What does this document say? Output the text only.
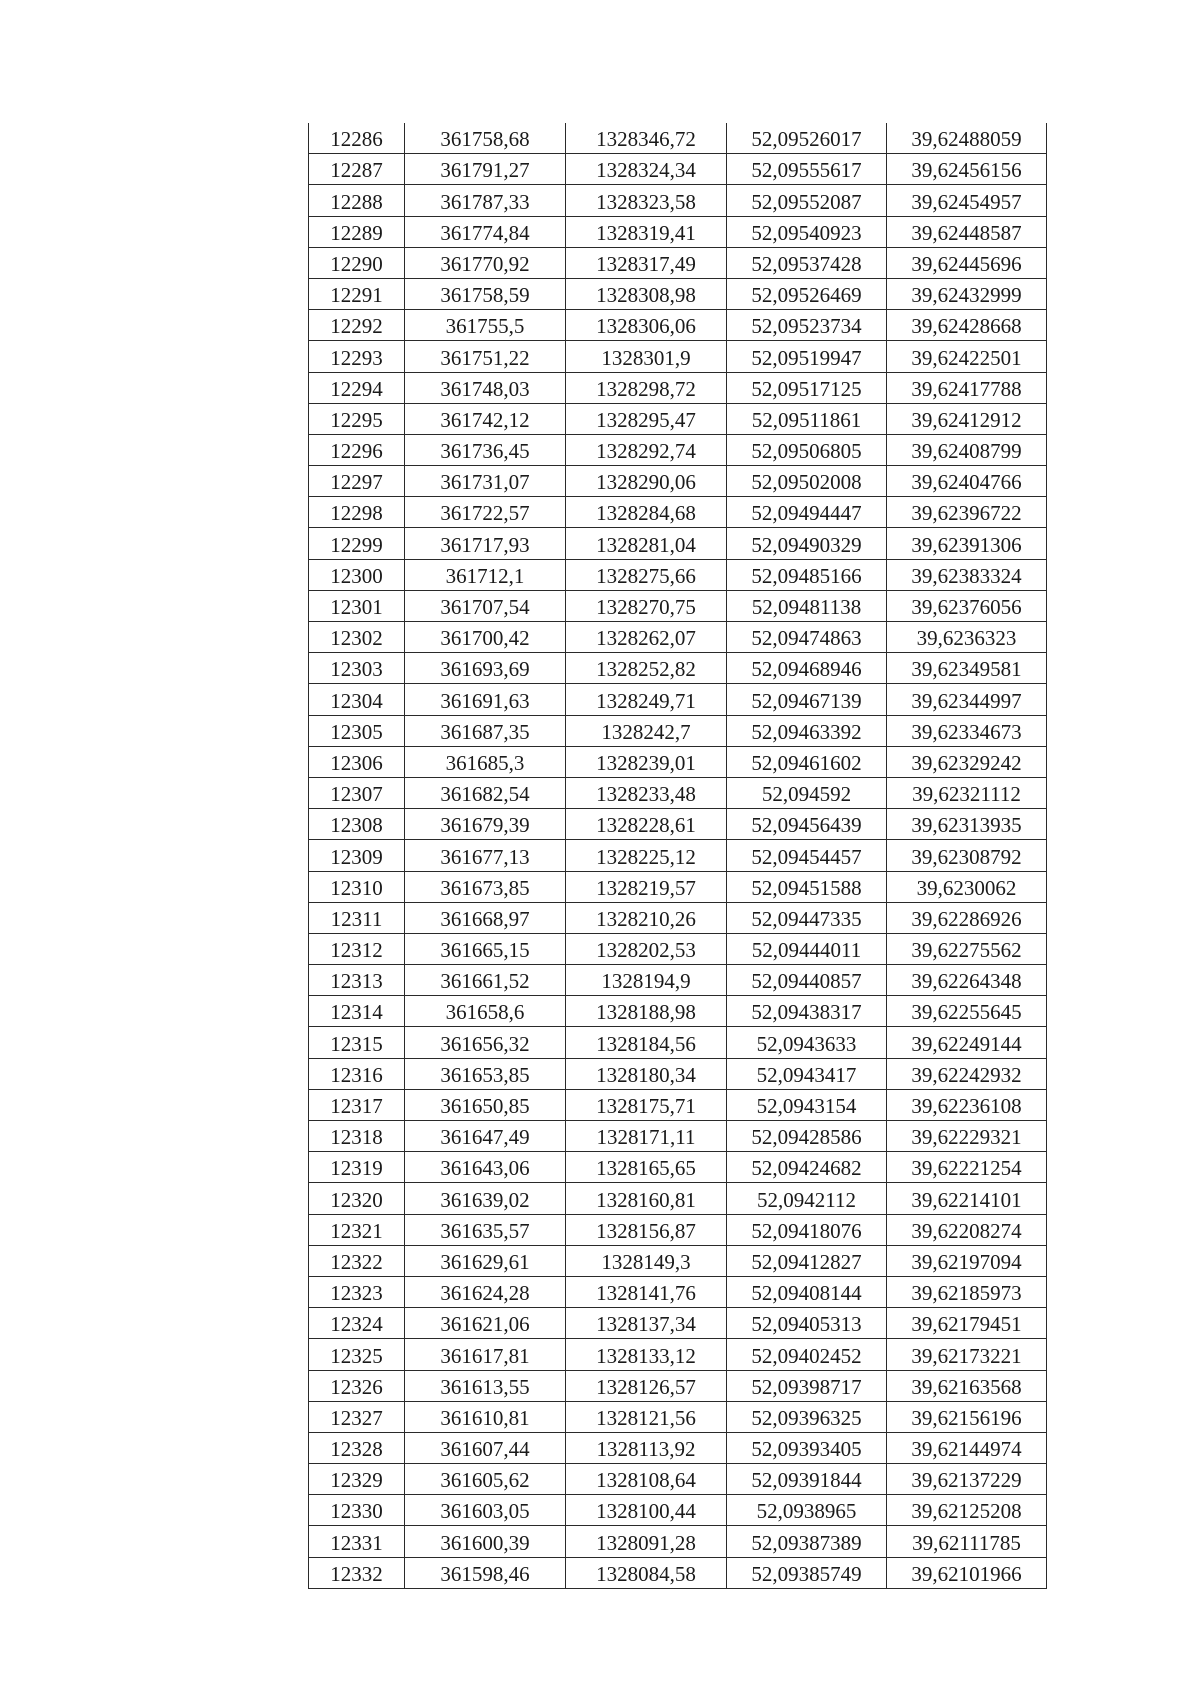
12286	361758,68	1328346,72	52,09526017	39,62488059
12287	361791,27	1328324,34	52,09555617	39,62456156
12288	361787,33	1328323,58	52,09552087	39,62454957
12289	361774,84	1328319,41	52,09540923	39,62448587
12290	361770,92	1328317,49	52,09537428	39,62445696
12291	361758,59	1328308,98	52,09526469	39,62432999
12292	361755,5	1328306,06	52,09523734	39,62428668
12293	361751,22	1328301,9	52,09519947	39,62422501
12294	361748,03	1328298,72	52,09517125	39,62417788
12295	361742,12	1328295,47	52,09511861	39,62412912
12296	361736,45	1328292,74	52,09506805	39,62408799
12297	361731,07	1328290,06	52,09502008	39,62404766
12298	361722,57	1328284,68	52,09494447	39,62396722
12299	361717,93	1328281,04	52,09490329	39,62391306
12300	361712,1	1328275,66	52,09485166	39,62383324
12301	361707,54	1328270,75	52,09481138	39,62376056
12302	361700,42	1328262,07	52,09474863	39,6236323
12303	361693,69	1328252,82	52,09468946	39,62349581
12304	361691,63	1328249,71	52,09467139	39,62344997
12305	361687,35	1328242,7	52,09463392	39,62334673
12306	361685,3	1328239,01	52,09461602	39,62329242
12307	361682,54	1328233,48	52,094592	39,62321112
12308	361679,39	1328228,61	52,09456439	39,62313935
12309	361677,13	1328225,12	52,09454457	39,62308792
12310	361673,85	1328219,57	52,09451588	39,6230062
12311	361668,97	1328210,26	52,09447335	39,62286926
12312	361665,15	1328202,53	52,09444011	39,62275562
12313	361661,52	1328194,9	52,09440857	39,62264348
12314	361658,6	1328188,98	52,09438317	39,62255645
12315	361656,32	1328184,56	52,0943633	39,62249144
12316	361653,85	1328180,34	52,0943417	39,62242932
12317	361650,85	1328175,71	52,0943154	39,62236108
12318	361647,49	1328171,11	52,09428586	39,62229321
12319	361643,06	1328165,65	52,09424682	39,62221254
12320	361639,02	1328160,81	52,0942112	39,62214101
12321	361635,57	1328156,87	52,09418076	39,62208274
12322	361629,61	1328149,3	52,09412827	39,62197094
12323	361624,28	1328141,76	52,09408144	39,62185973
12324	361621,06	1328137,34	52,09405313	39,62179451
12325	361617,81	1328133,12	52,09402452	39,62173221
12326	361613,55	1328126,57	52,09398717	39,62163568
12327	361610,81	1328121,56	52,09396325	39,62156196
12328	361607,44	1328113,92	52,09393405	39,62144974
12329	361605,62	1328108,64	52,09391844	39,62137229
12330	361603,05	1328100,44	52,0938965	39,62125208
12331	361600,39	1328091,28	52,09387389	39,62111785
12332	361598,46	1328084,58	52,09385749	39,62101966
